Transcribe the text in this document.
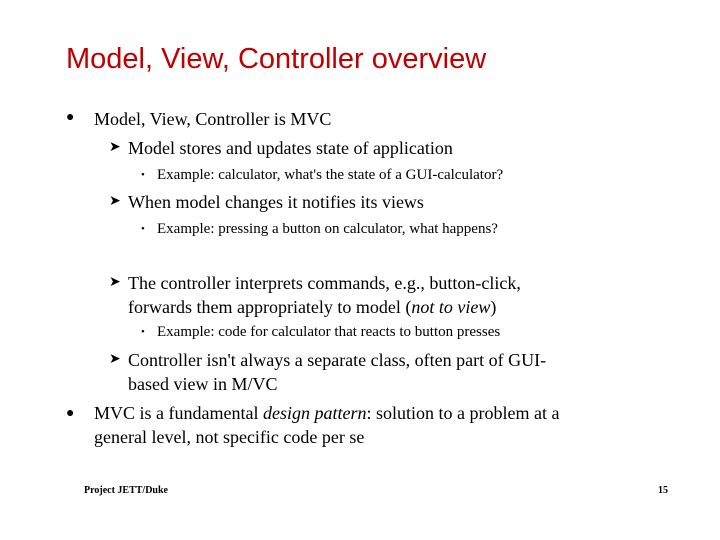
Model, View, Controller overview
● Model, View, Controller is MVC
➤ Model stores and updates state of application
• Example: calculator, what's the state of a GUI-calculator?
➤ When model changes it notifies its views
• Example: pressing a button on calculator, what happens?
➤ The controller interprets commands, e.g., button-click,
forwards them appropriately to model (not to view)
• Example: code for calculator that reacts to button presses
➤ Controller isn't always a separate class, often part of GUI-
based view in M/VC
● MVC is a fundamental design pattern: solution to a problem at a
general level, not specific code per se
Project JETT/Duke	15
